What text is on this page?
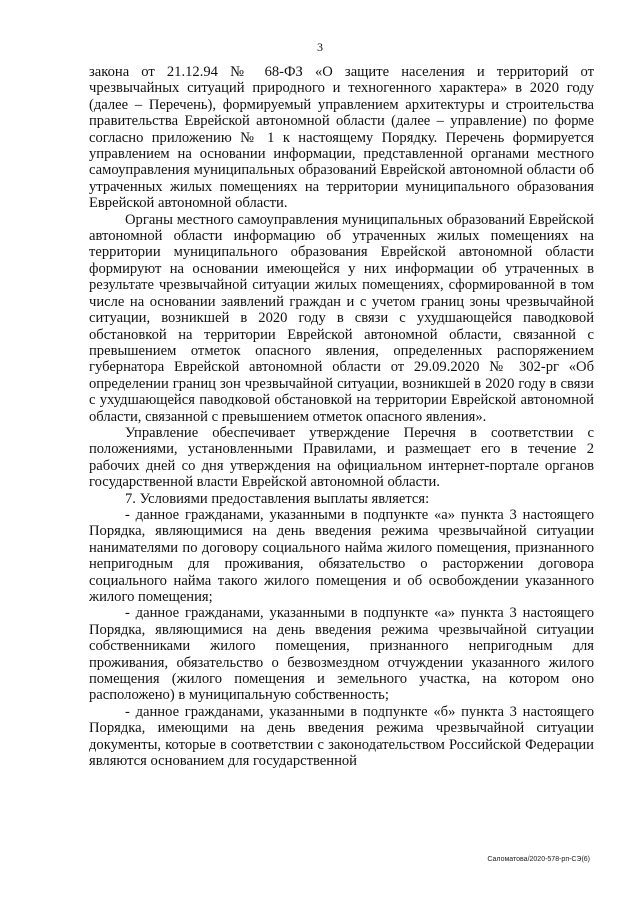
3

закона от 21.12.94 № 68-ФЗ «О защите населения и территорий от чрезвычайных ситуаций природного и техногенного характера» в 2020 году (далее – Перечень), формируемый управлением архитектуры и строительства правительства Еврейской автономной области (далее – управление) по форме согласно приложению № 1 к настоящему Порядку. Перечень формируется управлением на основании информации, представленной органами местного самоуправления муниципальных образований Еврейской автономной области об утраченных жилых помещениях на территории муниципального образования Еврейской автономной области.

Органы местного самоуправления муниципальных образований Еврейской автономной области информацию об утраченных жилых помещениях на территории муниципального образования Еврейской автономной области формируют на основании имеющейся у них информации об утраченных в результате чрезвычайной ситуации жилых помещениях, сформированной в том числе на основании заявлений граждан и с учетом границ зоны чрезвычайной ситуации, возникшей в 2020 году в связи с ухудшающейся паводковой обстановкой на территории Еврейской автономной области, связанной с превышением отметок опасного явления, определенных распоряжением губернатора Еврейской автономной области от 29.09.2020 № 302-рг «Об определении границ зон чрезвычайной ситуации, возникшей в 2020 году в связи с ухудшающейся паводковой обстановкой на территории Еврейской автономной области, связанной с превышением отметок опасного явления».

Управление обеспечивает утверждение Перечня в соответствии с положениями, установленными Правилами, и размещает его в течение 2 рабочих дней со дня утверждения на официальном интернет-портале органов государственной власти Еврейской автономной области.

7. Условиями предоставления выплаты является:

- данное гражданами, указанными в подпункте «а» пункта 3 настоящего Порядка, являющимися на день введения режима чрезвычайной ситуации нанимателями по договору социального найма жилого помещения, признанного непригодным для проживания, обязательство о расторжении договора социального найма такого жилого помещения и об освобождении указанного жилого помещения;

- данное гражданами, указанными в подпункте «а» пункта 3 настоящего Порядка, являющимися на день введения режима чрезвычайной ситуации собственниками жилого помещения, признанного непригодным для проживания, обязательство о безвозмездном отчуждении указанного жилого помещения (жилого помещения и земельного участка, на котором оно расположено) в муниципальную собственность;

- данное гражданами, указанными в подпункте «б» пункта 3 настоящего Порядка, имеющими на день введения режима чрезвычайной ситуации документы, которые в соответствии с законодательством Российской Федерации являются основанием для государственной

Саломатова/2020-578-рп-СЭ(6)
